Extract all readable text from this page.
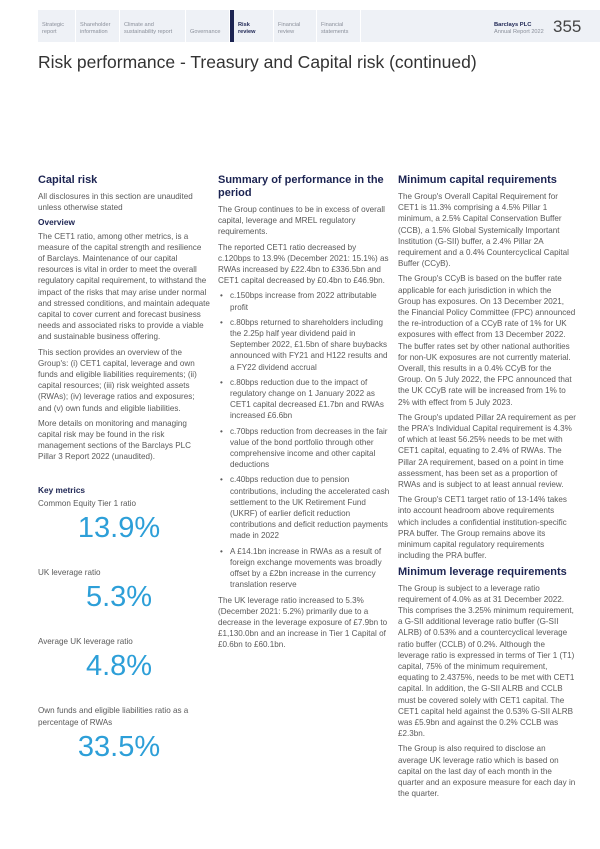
Strategic
report
Shareholder
information
Climate and
sustainability report	Governance
Risk
review
Financial
review
Financial
statements
Barclays PLC
Annual Report 2022 355
Risk performance - Treasury and Capital risk (continued)
Capital risk

All disclosures in this section are unaudited unless otherwise stated

Overview

The CET1 ratio, among other metrics, is a measure of the capital strength and resilience of Barclays. Maintenance of our capital resources is vital in order to meet the overall regulatory capital requirement, to withstand the impact of the risks that may arise under normal and stressed conditions, and maintain adequate capital to cover current and forecast business needs and associated risks to provide a viable and sustainable business offering.

This section provides an overview of the Group's: (i) CET1 capital, leverage and own funds and eligible liabilities requirements; (ii) capital resources; (iii) risk weighted assets (RWAs); (iv) leverage ratios and exposures; and (v) own funds and eligible liabilities.

More details on monitoring and managing capital risk may be found in the risk management sections of the Barclays PLC Pillar 3 Report 2022 (unaudited).

Key metrics
Common Equity Tier 1 ratio
13.9%
UK leverage ratio
5.3%
Average UK leverage ratio
4.8%
Own funds and eligible liabilities ratio as a percentage of RWAs
33.5%
Summary of performance in the period

The Group continues to be in excess of overall capital, leverage and MREL regulatory requirements.

The reported CET1 ratio decreased by c.120bps to 13.9% (December 2021: 15.1%) as RWAs increased by £22.4bn to £336.5bn and CET1 capital decreased by £0.4bn to £46.9bn.

• c.150bps increase from 2022 attributable profit
• c.80bps returned to shareholders including the 2.25p half year dividend paid in September 2022, £1.5bn of share buybacks announced with FY21 and H122 results and a FY22 dividend accrual
• c.80bps reduction due to the impact of regulatory change on 1 January 2022 as CET1 capital decreased £1.7bn and RWAs increased £6.6bn
• c.70bps reduction from decreases in the fair value of the bond portfolio through other comprehensive income and other capital deductions
• c.40bps reduction due to pension contributions, including the accelerated cash settlement to the UK Retirement Fund (UKRF) of earlier deficit reduction contributions and deficit reduction payments made in 2022
• A £14.1bn increase in RWAs as a result of foreign exchange movements was broadly offset by a £2bn increase in the currency translation reserve

The UK leverage ratio increased to 5.3% (December 2021: 5.2%) primarily due to a decrease in the leverage exposure of £7.9bn to £1,130.0bn and an increase in Tier 1 Capital of £0.6bn to £60.1bn.

Minimum capital requirements

The Group's Overall Capital Requirement for CET1 is 11.3% comprising a 4.5% Pillar 1 minimum, a 2.5% Capital Conservation Buffer (CCB), a 1.5% Global Systemically Important Institution (G-SII) buffer, a 2.4% Pillar 2A requirement and a 0.4% Countercyclical Capital Buffer (CCyB).

The Group's CCyB is based on the buffer rate applicable for each jurisdiction in which the Group has exposures. On 13 December 2021, the Financial Policy Committee (FPC) announced the re-introduction of a CCyB rate of 1% for UK exposures with effect from 13 December 2022. The buffer rates set by other national authorities for non-UK exposures are not currently material. Overall, this results in a 0.4% CCyB for the Group. On 5 July 2022, the FPC announced that the UK CCyB rate will be increased from 1% to 2% with effect from 5 July 2023.

The Group's updated Pillar 2A requirement as per the PRA's Individual Capital requirement is 4.3% of which at least 56.25% needs to be met with CET1 capital, equating to 2.4% of RWAs. The Pillar 2A requirement, based on a point in time assessment, has been set as a proportion of RWAs and is subject to at least annual review.

The Group's CET1 target ratio of 13-14% takes into account headroom above requirements which includes a confidential institution-specific PRA buffer. The Group remains above its minimum capital regulatory requirements including the PRA buffer.

Minimum leverage requirements

The Group is subject to a leverage ratio requirement of 4.0% as at 31 December 2022. This comprises the 3.25% minimum requirement, a G-SII additional leverage ratio buffer (G-SII ALRB) of 0.53% and a countercyclical leverage ratio buffer (CCLB) of 0.2%. Although the leverage ratio is expressed in terms of Tier 1 (T1) capital, 75% of the minimum requirement, equating to 2.4375%, needs to be met with CET1 capital. In addition, the G-SII ALRB and CCLB must be covered solely with CET1 capital. The CET1 capital held against the 0.53% G-SII ALRB was £5.9bn and against the 0.2% CCLB was £2.3bn.

The Group is also required to disclose an average UK leverage ratio which is based on capital on the last day of each month in the quarter and an exposure measure for each day in the quarter.
